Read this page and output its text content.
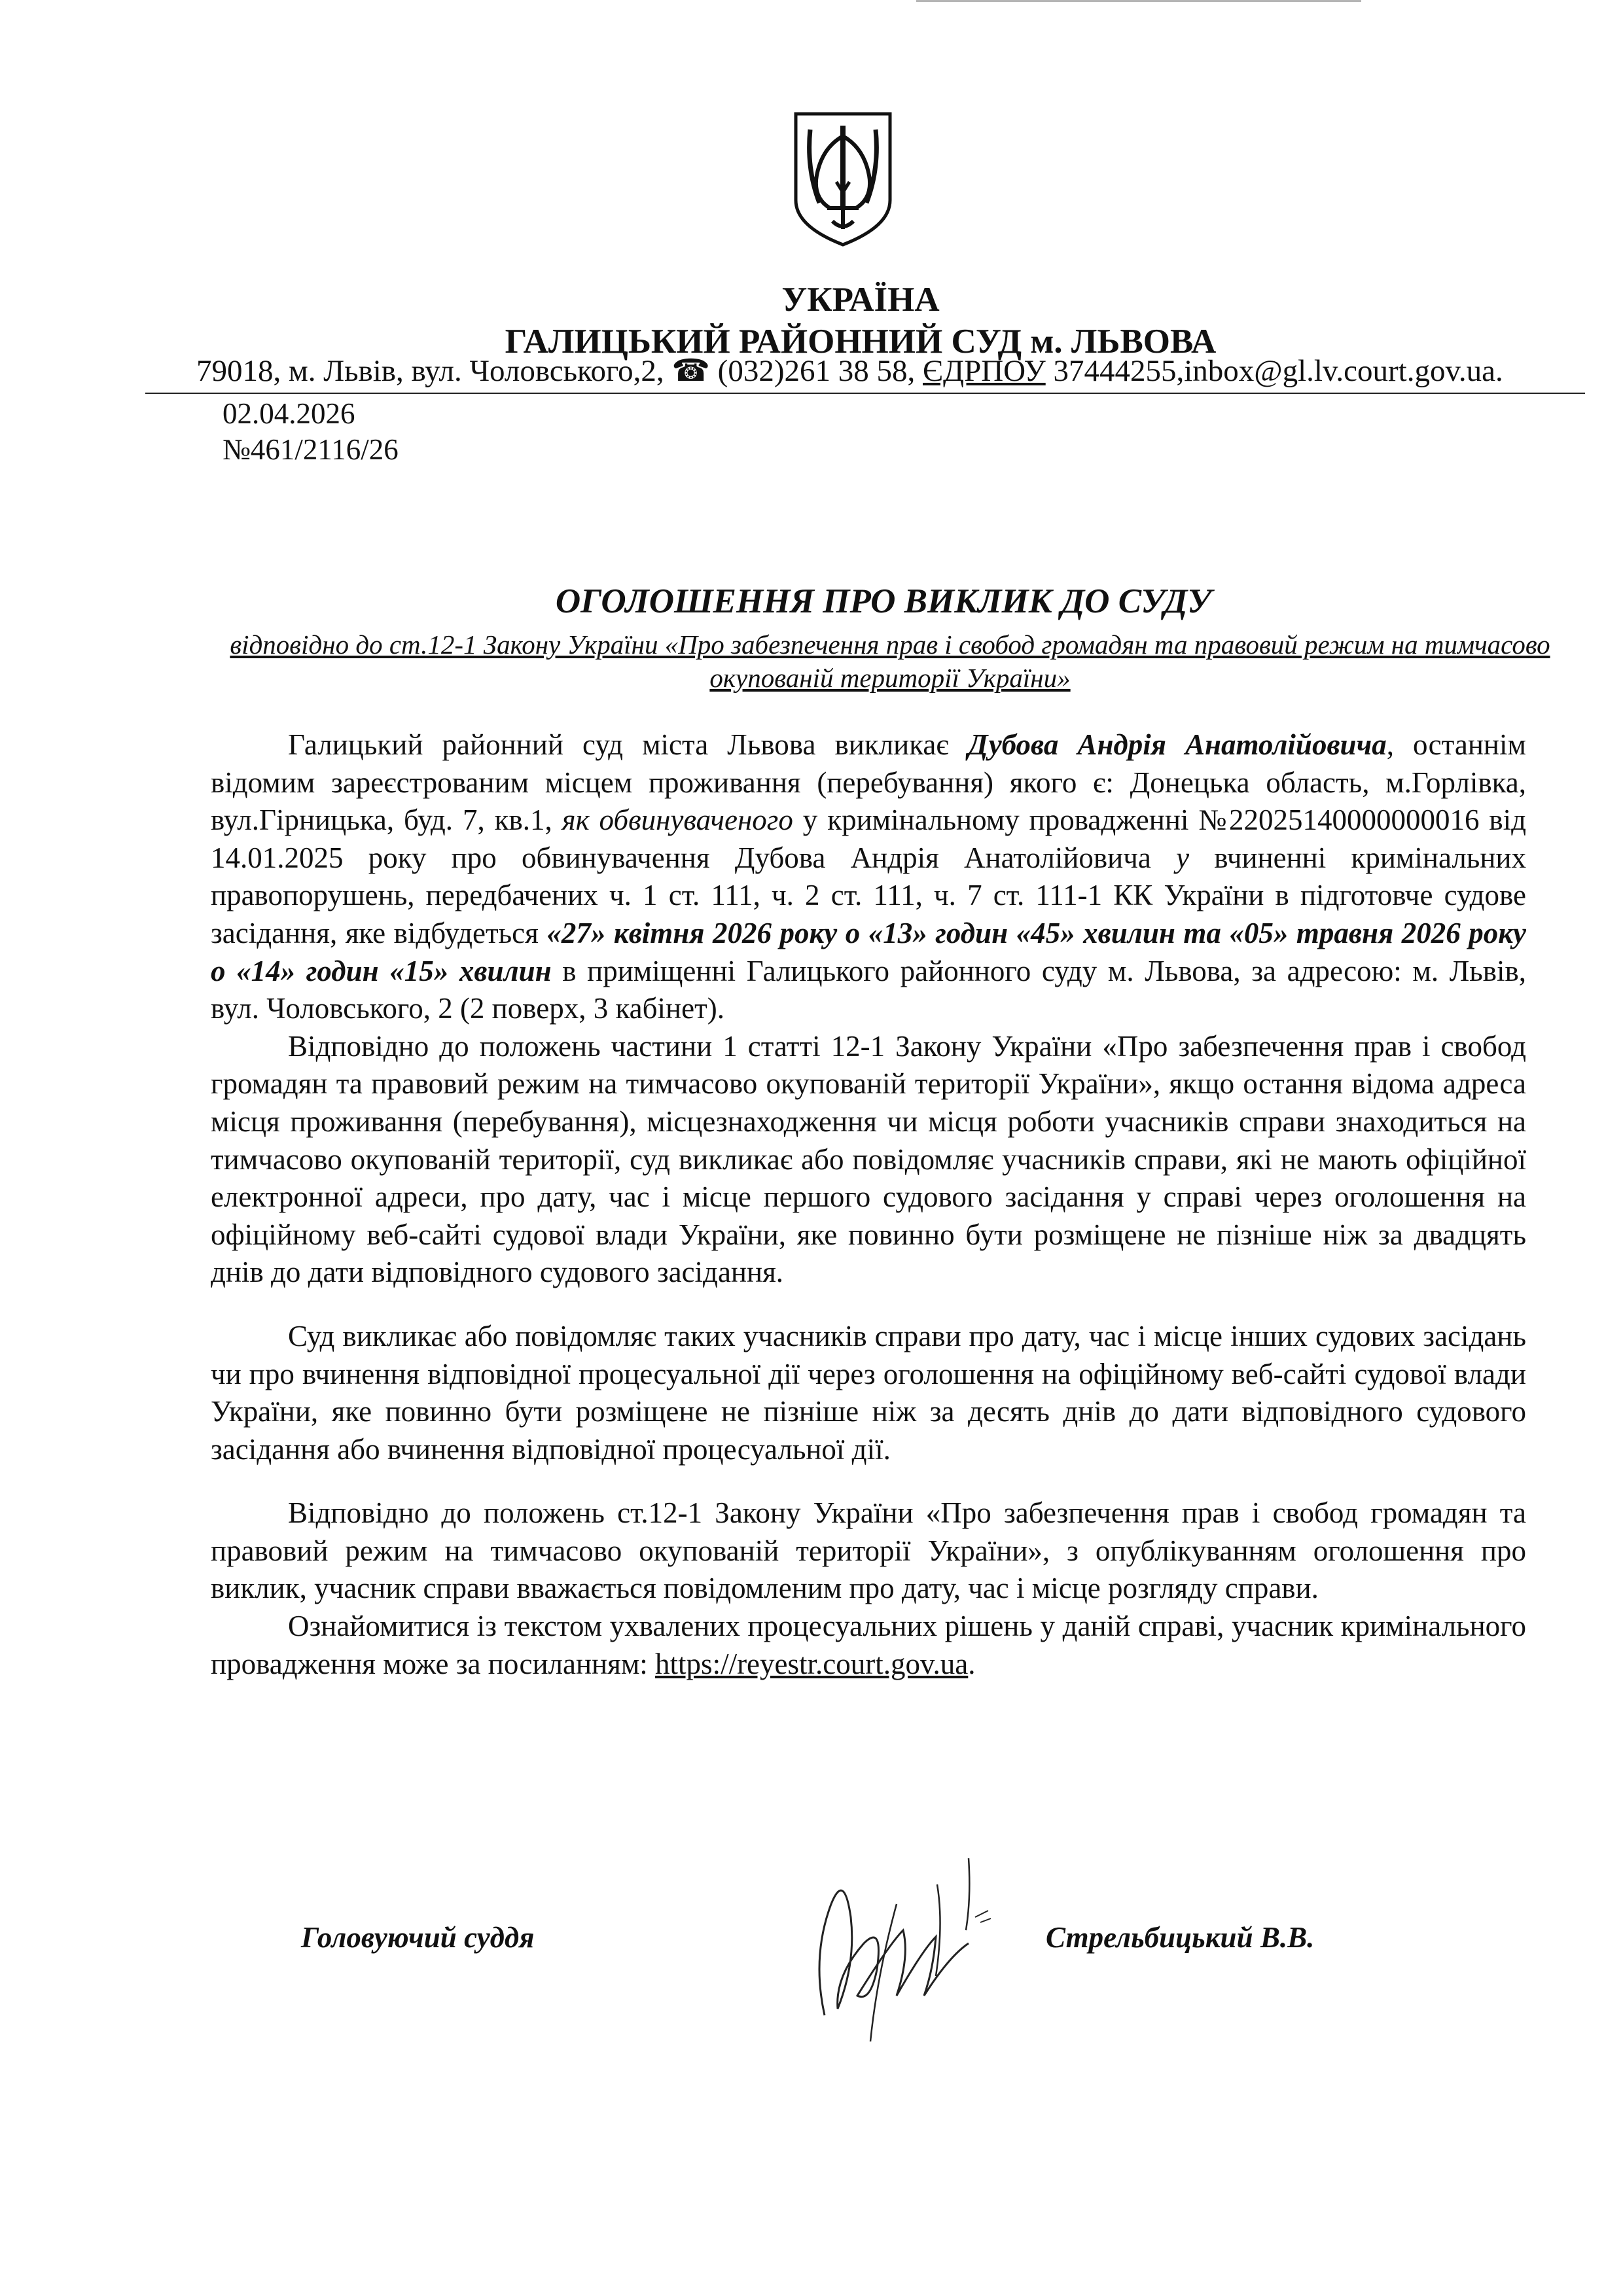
УКРАЇНА
ГАЛИЦЬКИЙ РАЙОННИЙ СУД м. ЛЬВОВА
79018, м. Львів, вул. Чоловського,2, ☎ (032)261 38 58, ЄДРПОУ 37444255,inbox@gl.lv.court.gov.ua.
02.04.2026
№461/2116/26
ОГОЛОШЕННЯ ПРО ВИКЛИК ДО СУДУ
відповідно до ст.12-1 Закону України «Про забезпечення прав і свобод громадян та правовий режим на тимчасово окупованій території України»

Галицький районний суд міста Львова викликає Дубова Андрія Анатолійовича, останнім відомим зареєстрованим місцем проживання (перебування) якого є: Донецька область, м.Горлівка, вул.Гірницька, буд. 7, кв.1, як обвинуваченого у кримінальному провадженні №22025140000000016 від 14.01.2025 року про обвинувачення Дубова Андрія Анатолійовича у вчиненні кримінальних правопорушень, передбачених ч. 1 ст. 111, ч. 2 ст. 111, ч. 7 ст. 111-1 КК України в підготовче судове засідання, яке відбудеться «27» квітня 2026 року о «13» годин «45» хвилин та «05» травня 2026 року о «14» годин «15» хвилин в приміщенні Галицького районного суду м. Львова, за адресою: м. Львів, вул. Чоловського, 2 (2 поверх, 3 кабінет).

Відповідно до положень частини 1 статті 12-1 Закону України «Про забезпечення прав і свобод громадян та правовий режим на тимчасово окупованій території України», якщо остання відома адреса місця проживання (перебування), місцезнаходження чи місця роботи учасників справи знаходиться на тимчасово окупованій території, суд викликає або повідомляє учасників справи, які не мають офіційної електронної адреси, про дату, час і місце першого судового засідання у справі через оголошення на офіційному веб-сайті судової влади України, яке повинно бути розміщене не пізніше ніж за двадцять днів до дати відповідного судового засідання.

Суд викликає або повідомляє таких учасників справи про дату, час і місце інших судових засідань чи про вчинення відповідної процесуальної дії через оголошення на офіційному веб-сайті судової влади України, яке повинно бути розміщене не пізніше ніж за десять днів до дати відповідного судового засідання або вчинення відповідної процесуальної дії.

Відповідно до положень ст.12-1 Закону України «Про забезпечення прав і свобод громадян та правовий режим на тимчасово окупованій території України», з опублікуванням оголошення про виклик, учасник справи вважається повідомленим про дату, час і місце розгляду справи.

Ознайомитися із текстом ухвалених процесуальних рішень у даній справі, учасник кримінального провадження може за посиланням: https://reyestr.court.gov.ua.

Головуючий суддя	Стрельбицький В.В.
